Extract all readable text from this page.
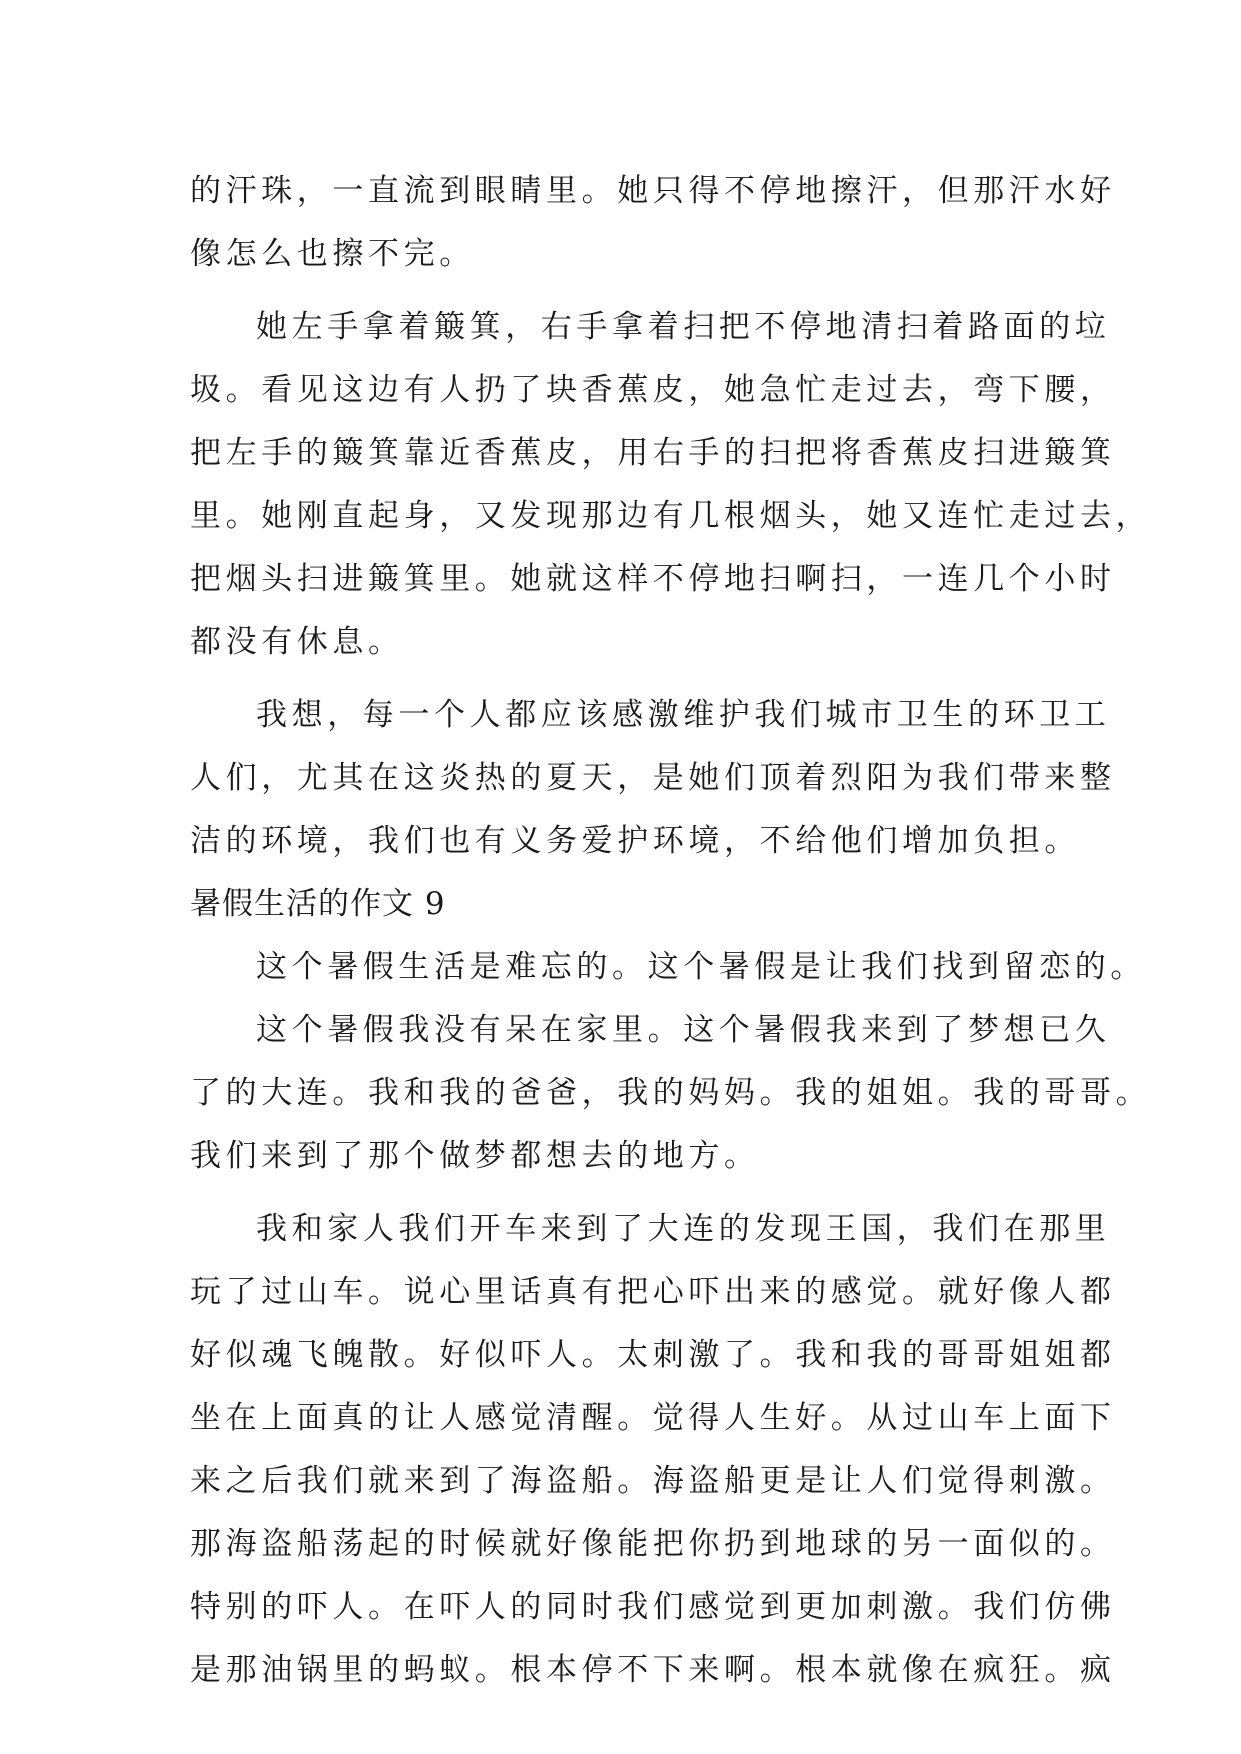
的汗珠，一直流到眼睛里。她只得不停地擦汗，但那汗水好
像怎么也擦不完。
她左手拿着簸箕，右手拿着扫把不停地清扫着路面的垃
圾。看见这边有人扔了块香蕉皮，她急忙走过去，弯下腰，
把左手的簸箕靠近香蕉皮，用右手的扫把将香蕉皮扫进簸箕
里。她刚直起身，又发现那边有几根烟头，她又连忙走过去，
把烟头扫进簸箕里。她就这样不停地扫啊扫，一连几个小时
都没有休息。
我想，每一个人都应该感激维护我们城市卫生的环卫工
人们，尤其在这炎热的夏天，是她们顶着烈阳为我们带来整
洁的环境，我们也有义务爱护环境，不给他们增加负担。
暑假生活的作文 9
这个暑假生活是难忘的。这个暑假是让我们找到留恋的。
这个暑假我没有呆在家里。这个暑假我来到了梦想已久
了的大连。我和我的爸爸，我的妈妈。我的姐姐。我的哥哥。
我们来到了那个做梦都想去的地方。
我和家人我们开车来到了大连的发现王国，我们在那里
玩了过山车。说心里话真有把心吓出来的感觉。就好像人都
好似魂飞魄散。好似吓人。太刺激了。我和我的哥哥姐姐都
坐在上面真的让人感觉清醒。觉得人生好。从过山车上面下
来之后我们就来到了海盗船。海盗船更是让人们觉得刺激。
那海盗船荡起的时候就好像能把你扔到地球的另一面似的。
特别的吓人。在吓人的同时我们感觉到更加刺激。我们仿佛
是那油锅里的蚂蚁。根本停不下来啊。根本就像在疯狂。疯
